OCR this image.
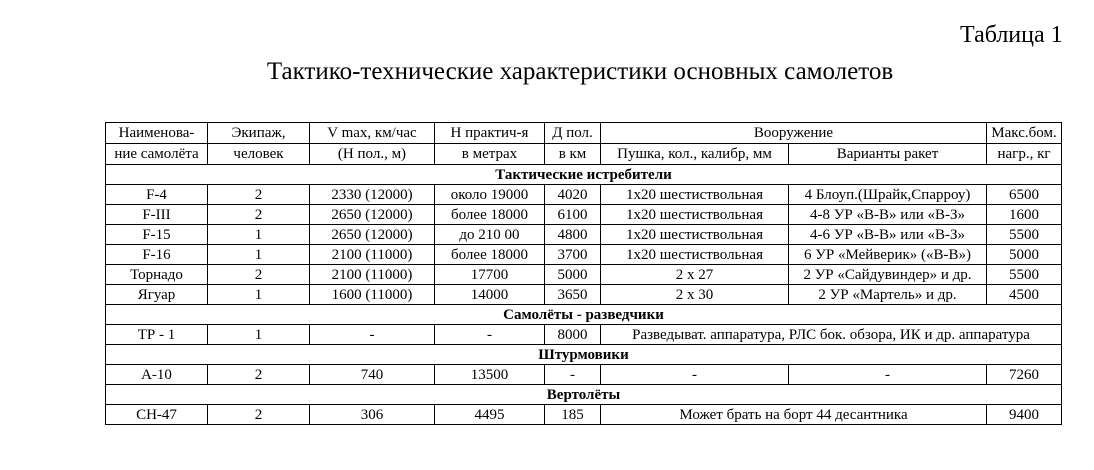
Таблица 1
Тактико-технические характеристики основных самолетов
Наименова-	Экипаж,	V max, км/час	Н практич-я	Д пол.	Вооружение		Макс.бом.
ние самолёта	человек	(Н пол., м)	в метрах	в км	Пушка, кол., калибр, мм	Варианты ракет	нагр., кг
Тактические истребители							
F-4	2	2330 (12000)	около 19000	4020	1х20 шестиствольная	4 Блоуп.(Шрайк,Спарроу)	6500
F-III	2	2650 (12000)	более 18000	6100	1х20 шестиствольная	4-8 УР «В-В» или «В-З»	1600
F-15	1	2650 (12000)	до 210 00	4800	1х20 шестиствольная	4-6 УР «В-В» или «В-З»	5500
F-16	1	2100 (11000)	более 18000	3700	1х20 шестиствольная	6 УР «Мейверик» («В-В»)	5000
Торнадо	2	2100 (11000)	17700	5000	2 х 27	2 УР «Сайдувиндер» и др.	5500
Ягуар	1	1600 (11000)	14000	3650	2 х 30	2 УР «Мартель» и др.	4500
Самолёты - разведчики							
ТР - 1	1	-	-	8000	Разведыват. аппаратура, РЛС бок. обзора, ИК и др. аппаратура		
Штурмовики							
А-10	2	740	13500	-	-	-	7260
Вертолёты							
СН-47	2	306	4495	185	Может брать на борт 44 десантника		9400
